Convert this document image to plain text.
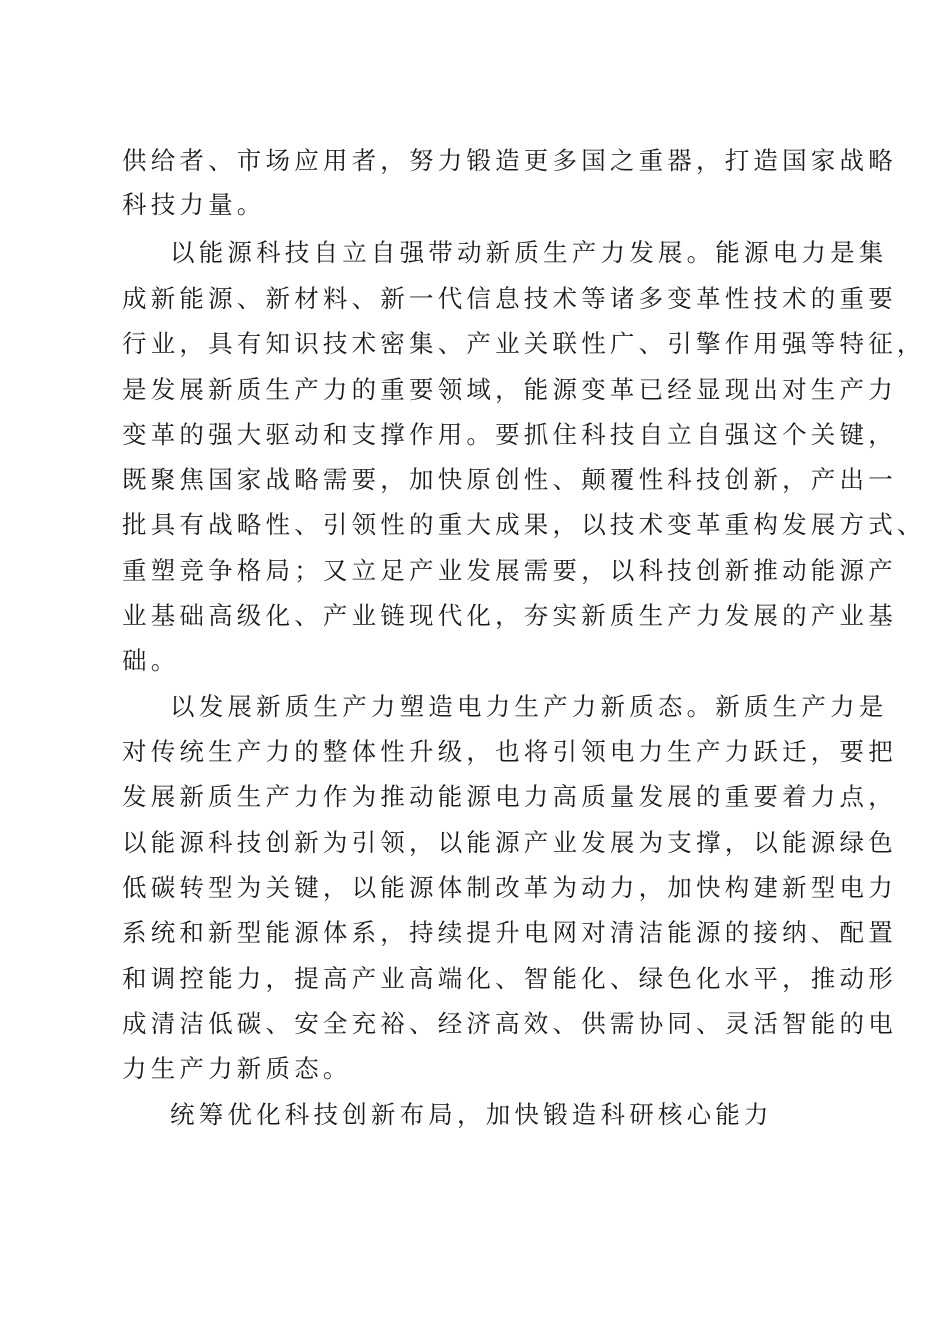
供给者、市场应用者，努力锻造更多国之重器，打造国家战略

科技力量。

以能源科技自立自强带动新质生产力发展。能源电力是集

成新能源、新材料、新一代信息技术等诸多变革性技术的重要

行业，具有知识技术密集、产业关联性广、引擎作用强等特征，

是发展新质生产力的重要领域，能源变革已经显现出对生产力

变革的强大驱动和支撑作用。要抓住科技自立自强这个关键，

既聚焦国家战略需要，加快原创性、颠覆性科技创新，产出一

批具有战略性、引领性的重大成果，以技术变革重构发展方式、

重塑竞争格局；又立足产业发展需要，以科技创新推动能源产

业基础高级化、产业链现代化，夯实新质生产力发展的产业基

础。

以发展新质生产力塑造电力生产力新质态。新质生产力是

对传统生产力的整体性升级，也将引领电力生产力跃迁，要把

发展新质生产力作为推动能源电力高质量发展的重要着力点，

以能源科技创新为引领，以能源产业发展为支撑，以能源绿色

低碳转型为关键，以能源体制改革为动力，加快构建新型电力

系统和新型能源体系，持续提升电网对清洁能源的接纳、配置

和调控能力，提高产业高端化、智能化、绿色化水平，推动形

成清洁低碳、安全充裕、经济高效、供需协同、灵活智能的电

力生产力新质态。

统筹优化科技创新布局，加快锻造科研核心能力
